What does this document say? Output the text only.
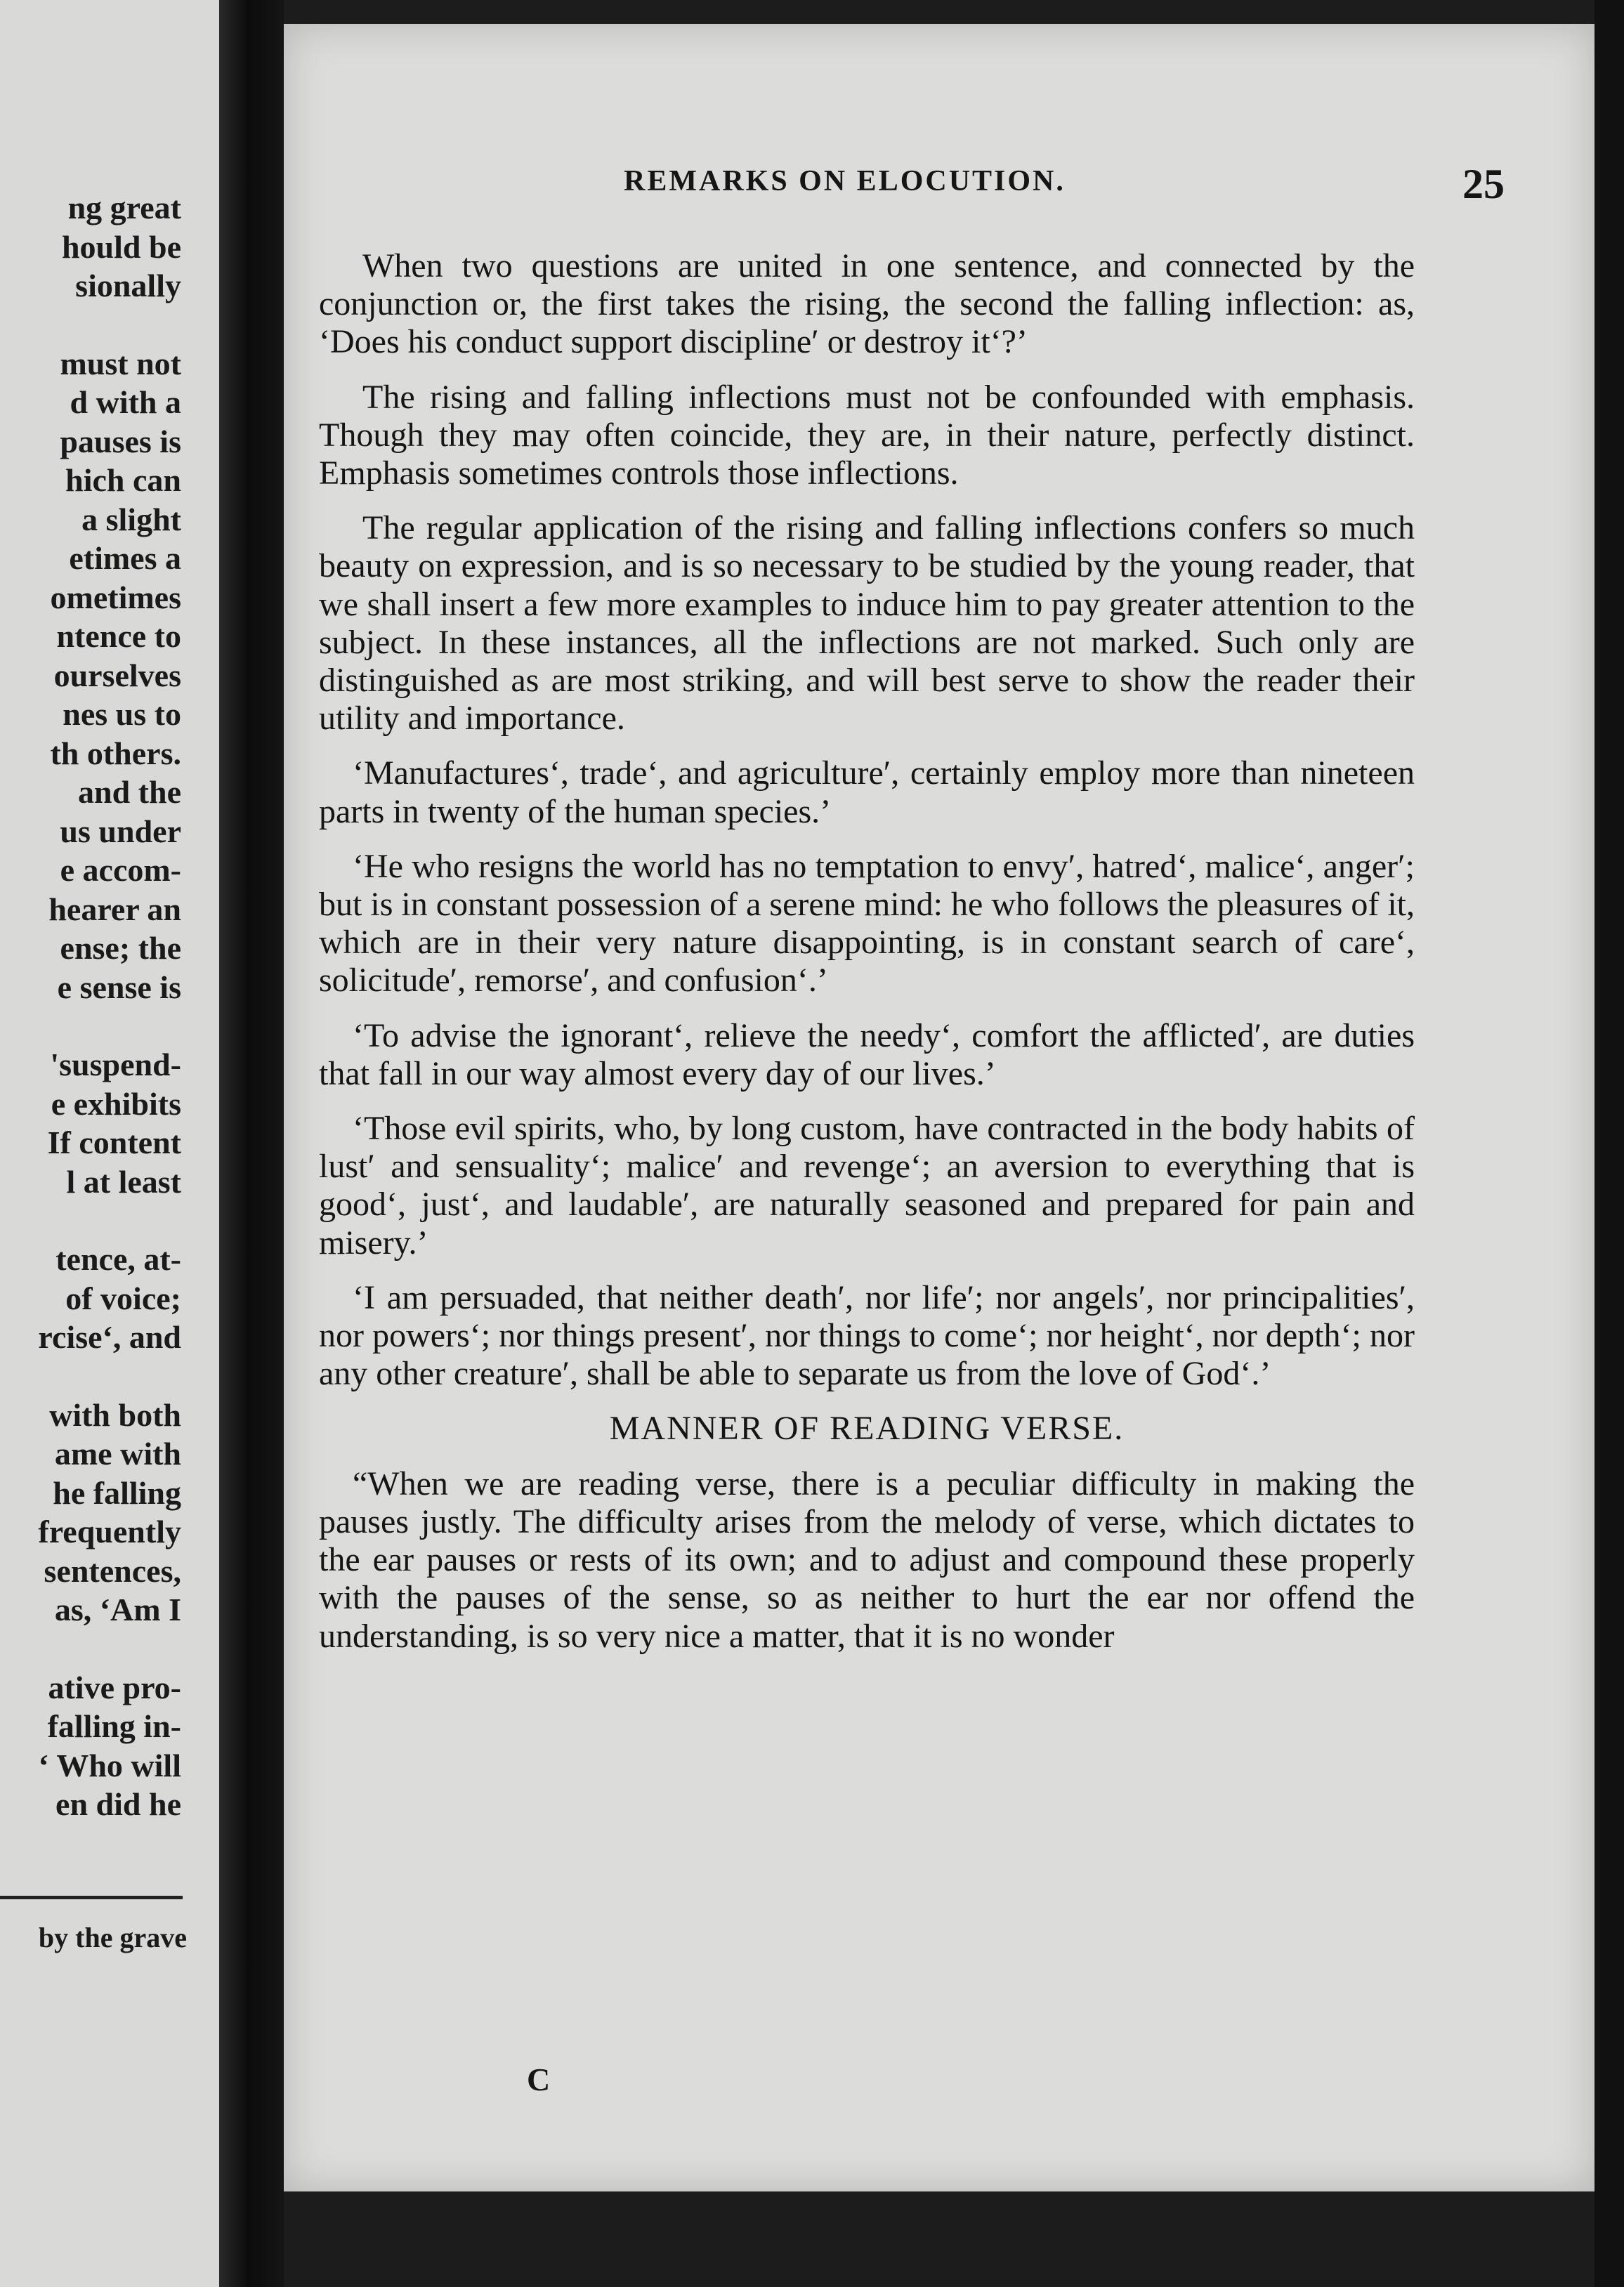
ng great
hould be
sionally
must not
d with a
pauses is
hich can
a slight
etimes a
ometimes
ntence to
ourselves
nes us to
th others.
and the
us under
e accom-
hearer an
ense; the
e sense is
'suspend-
e exhibits
If content
l at least
tence, at-
of voice;
rcise‘, and
with both
ame with
he falling
frequently
sentences,
as, ‘Am I
ative pro-
falling in-
‘ Who will
en did he
by the grave
REMARKS ON ELOCUTION.	25

When two questions are united in one sentence, and connected by the conjunction or, the first takes the rising, the second the falling inflection: as, ‘Does his conduct support discipline′ or destroy it‘?’

The rising and falling inflections must not be confounded with emphasis. Though they may often coincide, they are, in their nature, perfectly distinct. Emphasis sometimes controls those inflections.

The regular application of the rising and falling inflections confers so much beauty on expression, and is so necessary to be studied by the young reader, that we shall insert a few more examples to induce him to pay greater attention to the subject. In these instances, all the inflections are not marked. Such only are distinguished as are most striking, and will best serve to show the reader their utility and importance.

‘Manufactures‘, trade‘, and agriculture′, certainly employ more than nineteen parts in twenty of the human species.’

‘He who resigns the world has no temptation to envy′, hatred‘, malice‘, anger′; but is in constant possession of a serene mind: he who follows the pleasures of it, which are in their very nature disappointing, is in constant search of care‘, solicitude′, remorse′, and confusion‘.’

‘To advise the ignorant‘, relieve the needy‘, comfort the afflicted′, are duties that fall in our way almost every day of our lives.’

‘Those evil spirits, who, by long custom, have contracted in the body habits of lust′ and sensuality‘; malice′ and revenge‘; an aversion to everything that is good‘, just‘, and laudable′, are naturally seasoned and prepared for pain and misery.’

‘I am persuaded, that neither death′, nor life′; nor angels′, nor principalities′, nor powers‘; nor things present′, nor things to come‘; nor height‘, nor depth‘; nor any other creature′, shall be able to separate us from the love of God‘.’

MANNER OF READING VERSE.

“When we are reading verse, there is a peculiar difficulty in making the pauses justly. The difficulty arises from the melody of verse, which dictates to the ear pauses or rests of its own; and to adjust and compound these properly with the pauses of the sense, so as neither to hurt the ear nor offend the understanding, is so very nice a matter, that it is no wonder

C
